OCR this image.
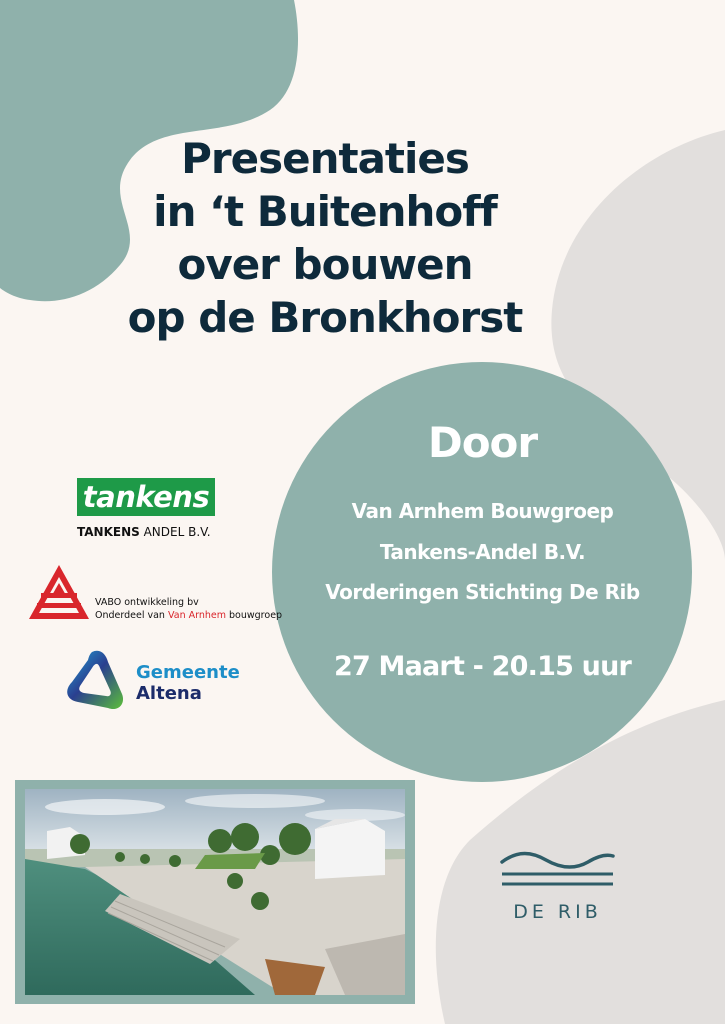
Presentaties
in ‘t Buitenhoff
over bouwen
op de Bronkhorst
Door
Van Arnhem Bouwgroep
Tankens-Andel B.V.
Vorderingen Stichting De Rib
27 Maart - 20.15 uur
tankens
TANKENS ANDEL B.V.
VABO ontwikkeling bv
Onderdeel van Van Arnhem bouwgroep
Gemeente
Altena
DE RIB
